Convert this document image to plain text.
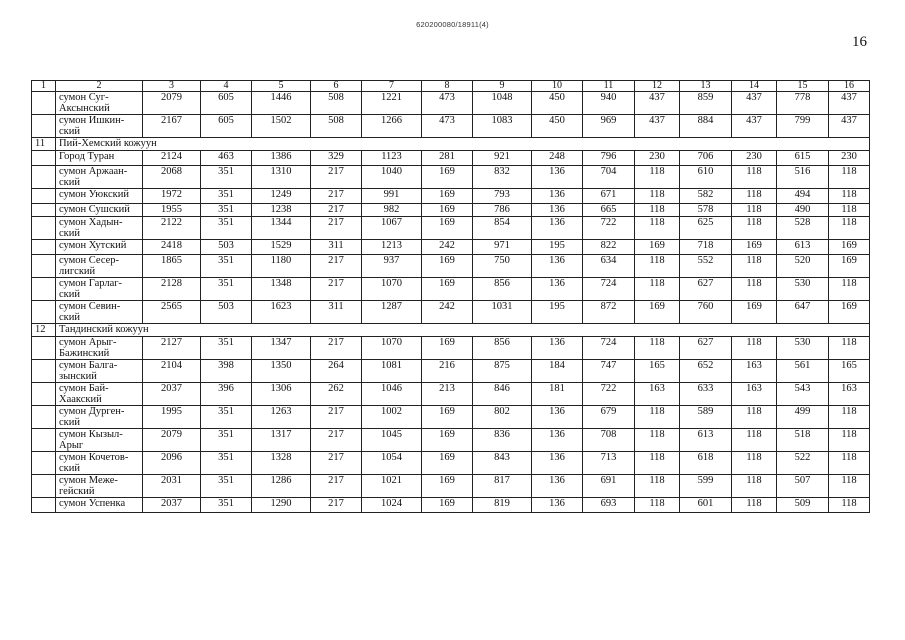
620200080/18911(4)
16
1	2	3	4	5	6	7	8	9	10	11	12	13	14	15	16
	сумон Суг-Аксынский	2079	605	1446	508	1221	473	1048	450	940	437	859	437	778	437
	сумон Ишкин-ский	2167	605	1502	508	1266	473	1083	450	969	437	884	437	799	437
11	Пий-Хемский кожуун														
	Город Туран	2124	463	1386	329	1123	281	921	248	796	230	706	230	615	230
	сумон Аржаан-ский	2068	351	1310	217	1040	169	832	136	704	118	610	118	516	118
	сумон Уюкский	1972	351	1249	217	991	169	793	136	671	118	582	118	494	118
	сумон Сушский	1955	351	1238	217	982	169	786	136	665	118	578	118	490	118
	сумон Хадын-ский	2122	351	1344	217	1067	169	854	136	722	118	625	118	528	118
	сумон Хутский	2418	503	1529	311	1213	242	971	195	822	169	718	169	613	169
	сумон Сесер-лигский	1865	351	1180	217	937	169	750	136	634	118	552	118	520	169
	сумон Гарлаг-ский	2128	351	1348	217	1070	169	856	136	724	118	627	118	530	118
	сумон Севин-ский	2565	503	1623	311	1287	242	1031	195	872	169	760	169	647	169
12	Тандинский кожуун														
	сумон Арыг-Бажинский	2127	351	1347	217	1070	169	856	136	724	118	627	118	530	118
	сумон Балга-зынский	2104	398	1350	264	1081	216	875	184	747	165	652	163	561	165
	сумон Бай-Хаакский	2037	396	1306	262	1046	213	846	181	722	163	633	163	543	163
	сумон Дурген-ский	1995	351	1263	217	1002	169	802	136	679	118	589	118	499	118
	сумон Кызыл-Арыг	2079	351	1317	217	1045	169	836	136	708	118	613	118	518	118
	сумон Кочетов-ский	2096	351	1328	217	1054	169	843	136	713	118	618	118	522	118
	сумон Меже-гейский	2031	351	1286	217	1021	169	817	136	691	118	599	118	507	118
	сумон Успенка	2037	351	1290	217	1024	169	819	136	693	118	601	118	509	118
